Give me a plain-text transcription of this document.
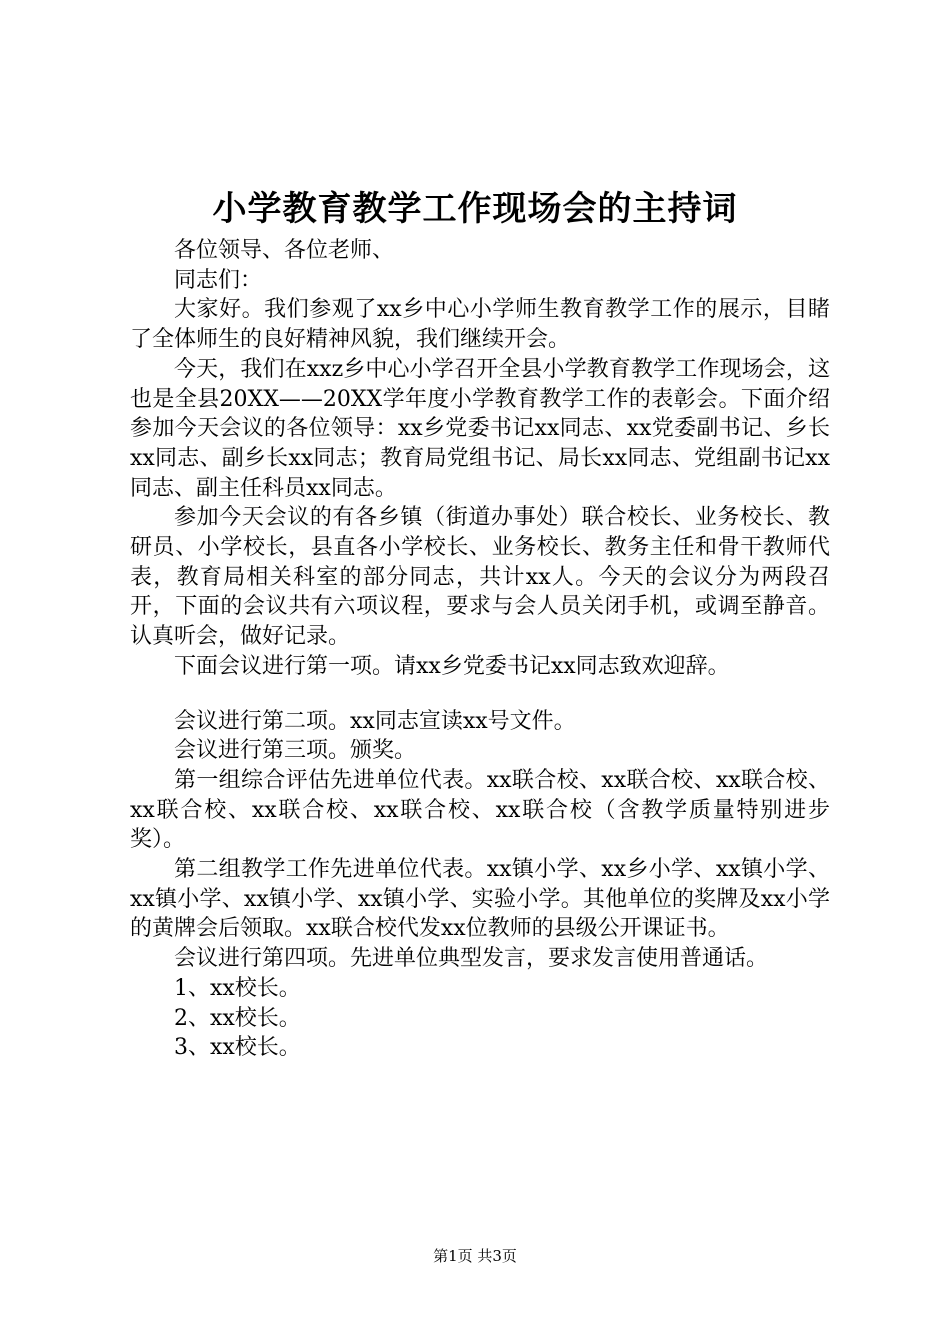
小学教育教学工作现场会的主持词

各位领导、各位老师、

同志们：

大家好。我们参观了xx乡中心小学师生教育教学工作的展示，目睹了全体师生的良好精神风貌，我们继续开会。

今天，我们在xxz乡中心小学召开全县小学教育教学工作现场会，这也是全县20XX——20XX学年度小学教育教学工作的表彰会。下面介绍参加今天会议的各位领导：xx乡党委书记xx同志、xx党委副书记、乡长xx同志、副乡长xx同志；教育局党组书记、局长xx同志、党组副书记xx同志、副主任科员xx同志。

参加今天会议的有各乡镇（街道办事处）联合校长、业务校长、教研员、小学校长，县直各小学校长、业务校长、教务主任和骨干教师代表，教育局相关科室的部分同志，共计xx人。今天的会议分为两段召开，下面的会议共有六项议程，要求与会人员关闭手机，或调至静音。认真听会，做好记录。

下面会议进行第一项。请xx乡党委书记xx同志致欢迎辞。

会议进行第二项。xx同志宣读xx号文件。

会议进行第三项。颁奖。

第一组综合评估先进单位代表。xx联合校、xx联合校、xx联合校、xx联合校、xx联合校、xx联合校、xx联合校（含教学质量特别进步奖）。

第二组教学工作先进单位代表。xx镇小学、xx乡小学、xx镇小学、xx镇小学、xx镇小学、xx镇小学、实验小学。其他单位的奖牌及xx小学的黄牌会后领取。xx联合校代发xx位教师的县级公开课证书。

会议进行第四项。先进单位典型发言，要求发言使用普通话。

1、xx校长。

2、xx校长。

3、xx校长。

第1页 共3页
